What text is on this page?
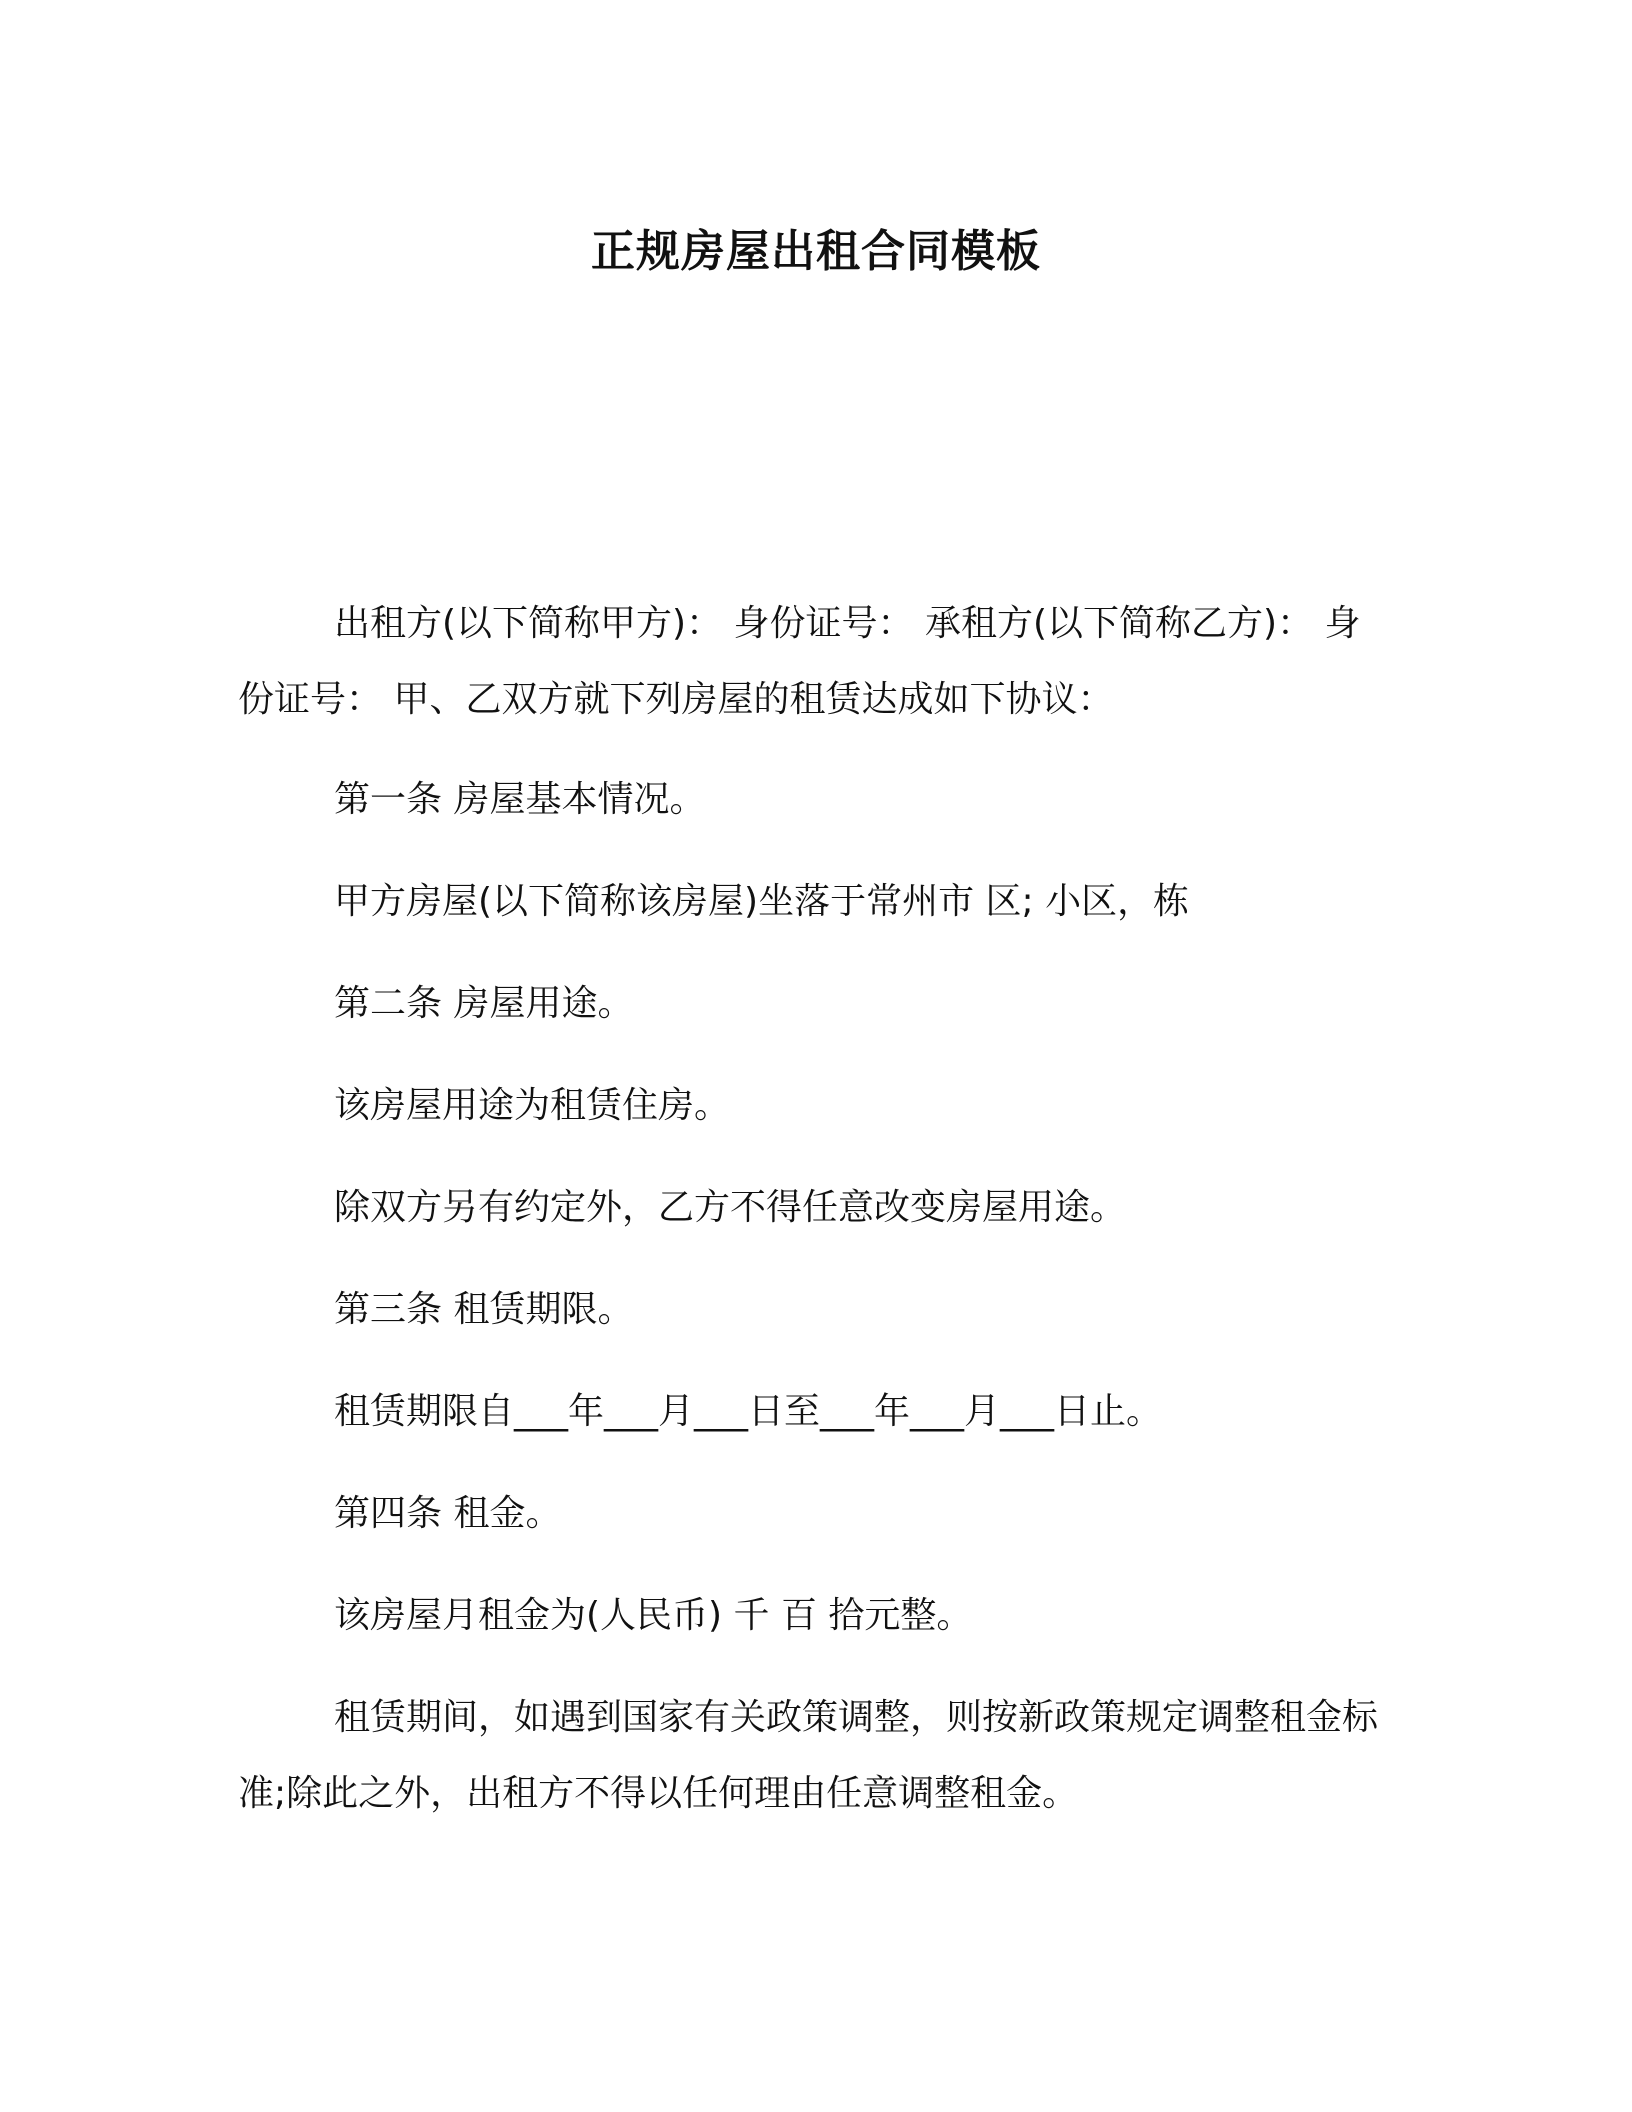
正规房屋出租合同模板
出租方(以下简称甲方)： 身份证号： 承租方(以下简称乙方)： 身份证号： 甲、乙双方就下列房屋的租赁达成如下协议：
第一条 房屋基本情况。
甲方房屋(以下简称该房屋)坐落于常州市 区; 小区，栋
第二条 房屋用途。
该房屋用途为租赁住房。
除双方另有约定外，乙方不得任意改变房屋用途。
第三条 租赁期限。
租赁期限自___年___月___日至___年___月___日止。
第四条 租金。
该房屋月租金为(人民币) 千 百 拾元整。
租赁期间，如遇到国家有关政策调整，则按新政策规定调整租金标准;除此之外，出租方不得以任何理由任意调整租金。
